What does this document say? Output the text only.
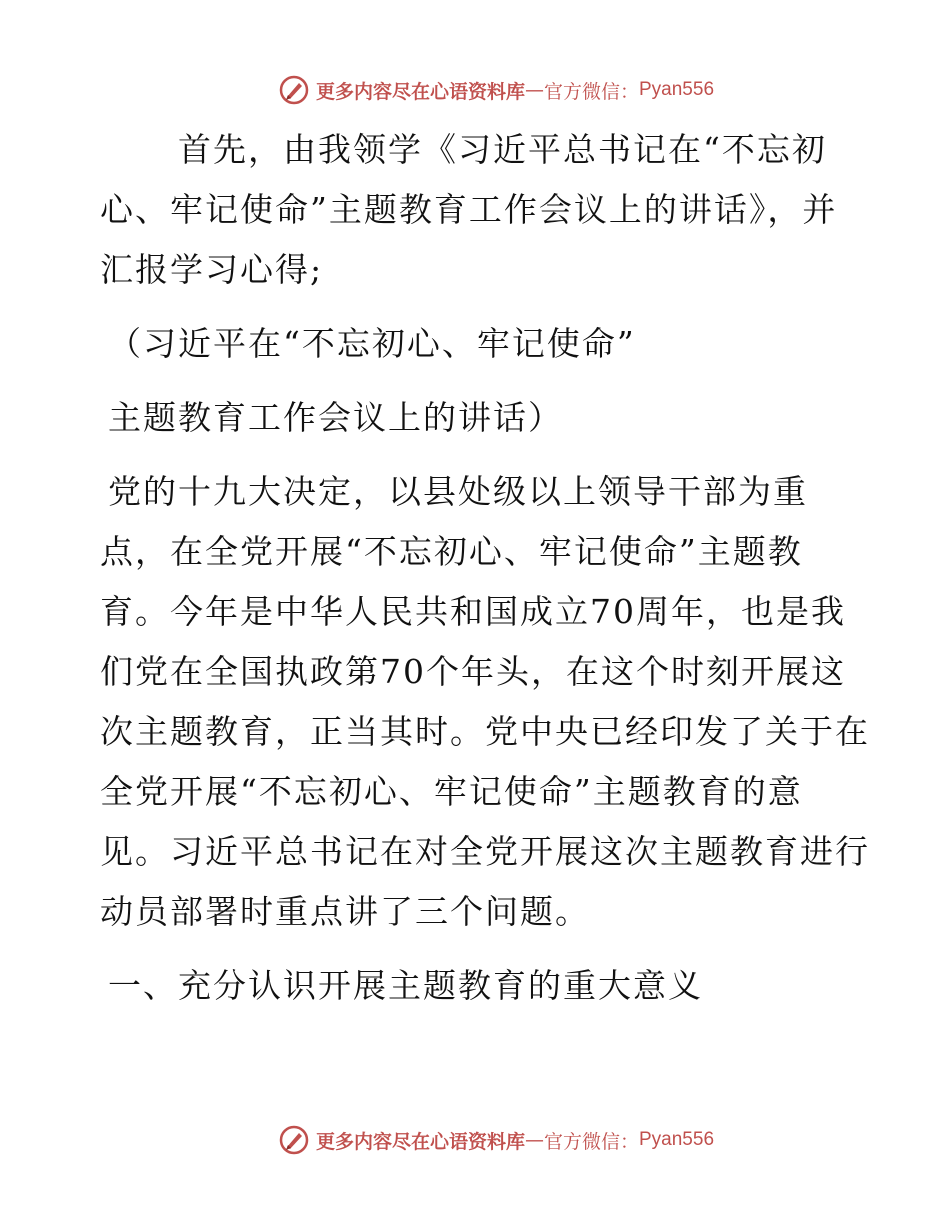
更多内容尽在心语资料库 — 官方微信： Pyan556
首先，由我领学《习近平总书记在“不忘初
心、牢记使命”主题教育工作会议上的讲话》，并
汇报学习心得;
（习近平在“不忘初心、牢记使命”
主题教育工作会议上的讲话）
党的十九大决定，以县处级以上领导干部为重
点，在全党开展“不忘初心、牢记使命”主题教
育。今年是中华人民共和国成立70周年，也是我
们党在全国执政第70个年头，在这个时刻开展这
次主题教育，正当其时。党中央已经印发了关于在
全党开展“不忘初心、牢记使命”主题教育的意
见。习近平总书记在对全党开展这次主题教育进行
动员部署时重点讲了三个问题。
一、充分认识开展主题教育的重大意义
更多内容尽在心语资料库 — 官方微信： Pyan556
